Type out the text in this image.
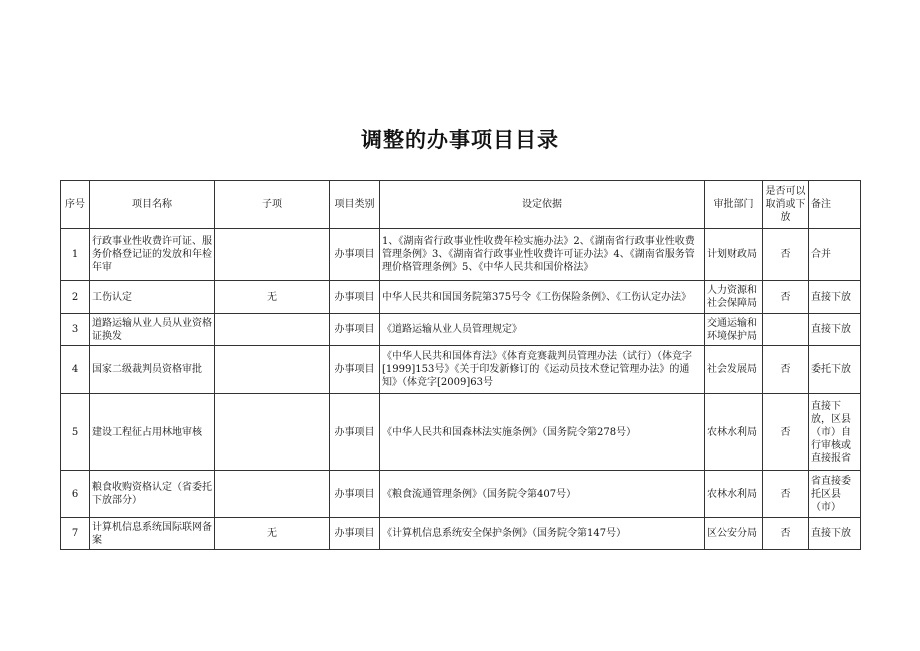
调整的办事项目目录
序号	项目名称	子项	项目类别	设定依据	审批部门	是否可以取消或下放	备注
1	行政事业性收费许可证、服务价格登记证的发放和年检年审		办事项目	1、《湖南省行政事业性收费年检实施办法》2、《湖南省行政事业性收费管理条例》3、《湖南省行政事业性收费许可证办法》4、《湖南省服务管理价格管理条例》5、《中华人民共和国价格法》	计划财政局	否	合并
2	工伤认定	无	办事项目	中华人民共和国国务院第375号令《工伤保险条例》、《工伤认定办法》	人力资源和社会保障局	否	直接下放
3	道路运输从业人员从业资格证换发		办事项目	《道路运输从业人员管理规定》	交通运输和环境保护局		直接下放
4	国家二级裁判员资格审批		办事项目	《中华人民共和国体育法》《体育竞赛裁判员管理办法（试行）（体竞字[1999]153号》《关于印发新修订的《运动员技术登记管理办法》的通知》（体竞字[2009]63号	社会发展局	否	委托下放
5	建设工程征占用林地审核		办事项目	《中华人民共和国森林法实施条例》（国务院令第278号）	农林水利局	否	直接下放，区县（市）自行审核或直接报省
6	粮食收购资格认定（省委托下放部分）		办事项目	《粮食流通管理条例》（国务院令第407号）	农林水利局	否	省直接委托区县（市）
7	计算机信息系统国际联网备案	无	办事项目	《计算机信息系统安全保护条例》（国务院令第147号）	区公安分局	否	直接下放
